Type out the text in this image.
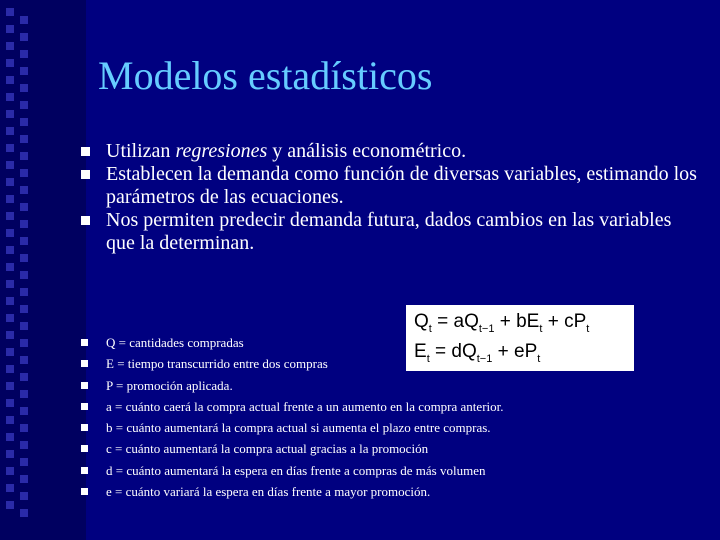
Modelos estadísticos
Utilizan regresiones y análisis econométrico.
Establecen la demanda como función de diversas variables, estimando los parámetros de las ecuaciones.
Nos permiten predecir demanda futura, dados cambios en las variables que la determinan.
Q = cantidades compradas
E = tiempo transcurrido entre dos compras
P = promoción aplicada.
a = cuánto caerá la compra actual frente a un aumento en la compra anterior.
b = cuánto aumentará la compra actual si aumenta el plazo entre compras.
c = cuánto aumentará la compra actual gracias a la promoción
d = cuánto aumentará la espera en días frente a compras de más volumen
e = cuánto variará la espera en días frente a mayor promoción.
$Q_t = aQ_{t-1} + bE_t + cP_t$
$E_t = dQ_{t-1} + eP_t$
